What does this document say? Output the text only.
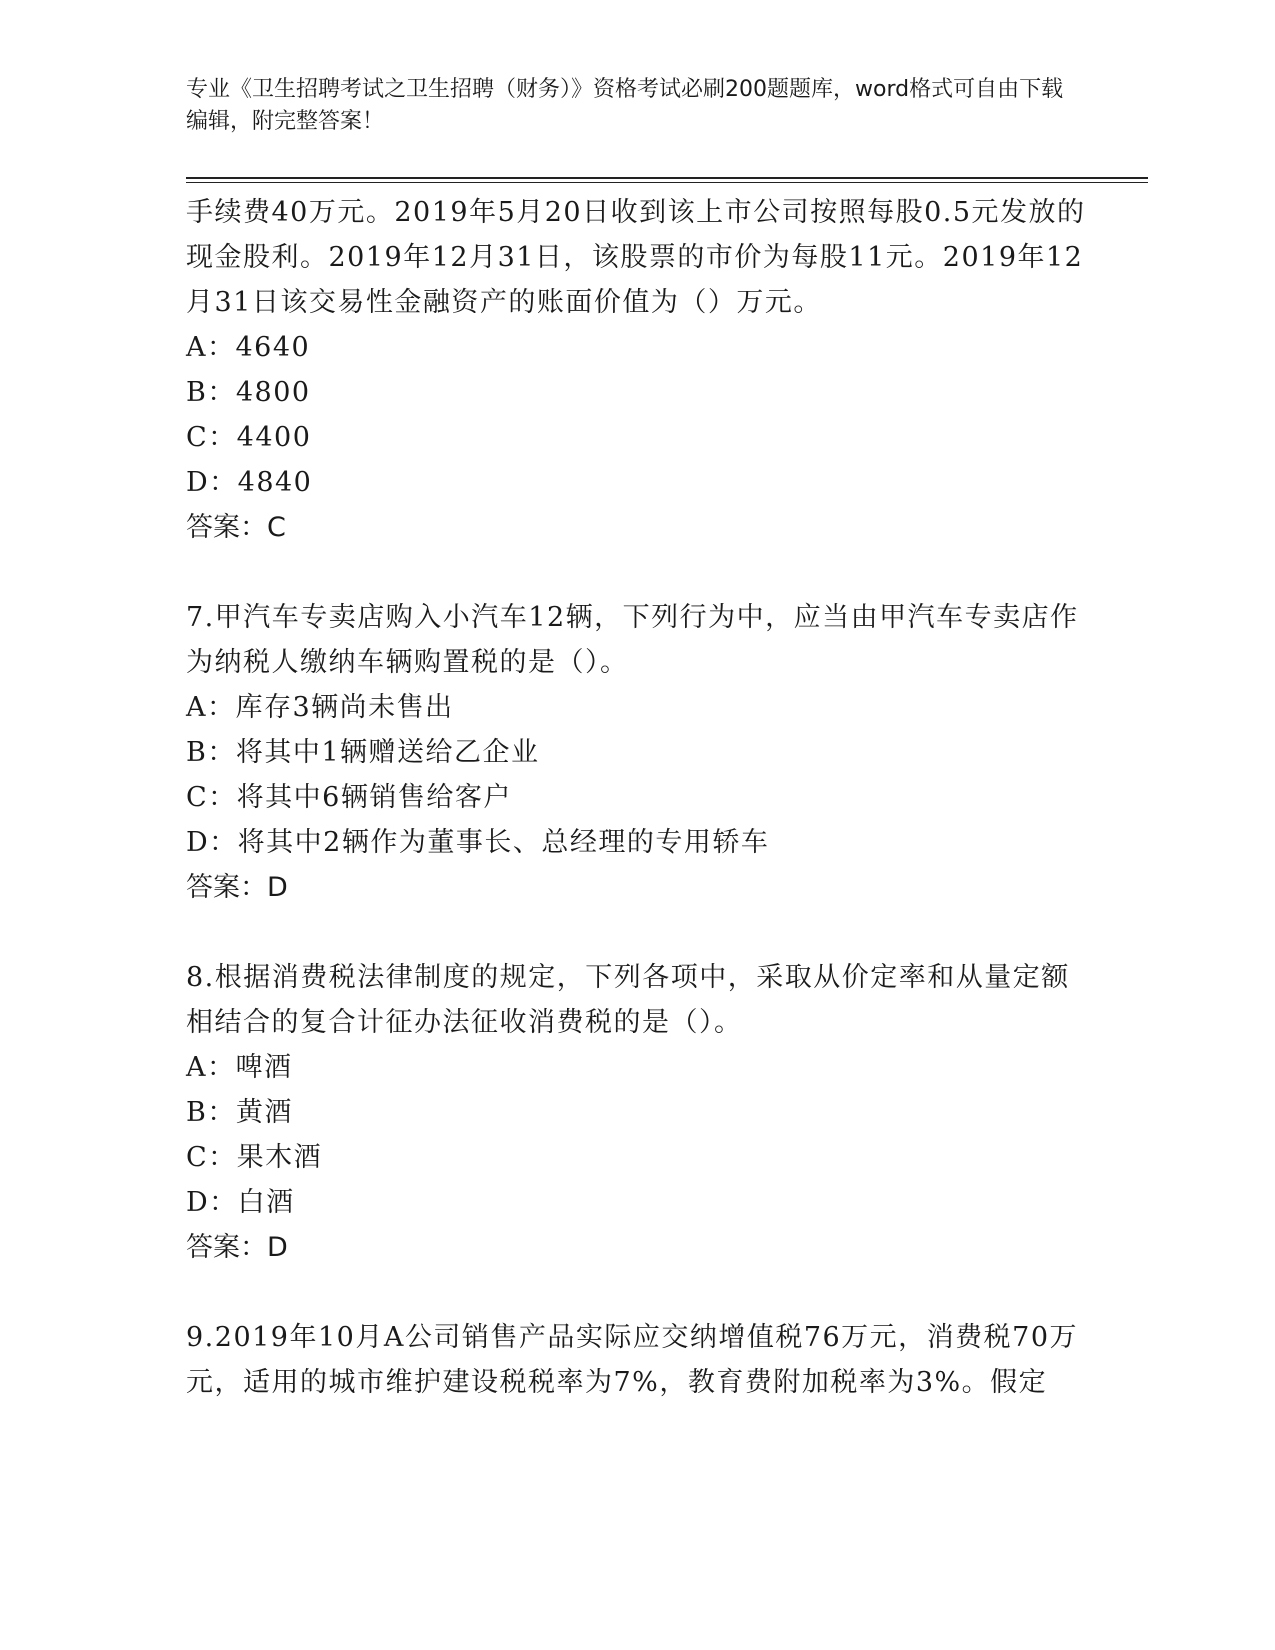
专业《卫生招聘考试之卫生招聘（财务）》资格考试必刷200题题库，word格式可自由下载编辑，附完整答案！

手续费40万元。2019年5月20日收到该上市公司按照每股0.5元发放的现金股利。2019年12月31日，该股票的市价为每股11元。2019年12月31日该交易性金融资产的账面价值为（）万元。

A：4640

B：4800

C：4400

D：4840

答案：C

7.甲汽车专卖店购入小汽车12辆，下列行为中，应当由甲汽车专卖店作为纳税人缴纳车辆购置税的是（）。

A：库存3辆尚未售出

B：将其中1辆赠送给乙企业

C：将其中6辆销售给客户

D：将其中2辆作为董事长、总经理的专用轿车

答案：D

8.根据消费税法律制度的规定，下列各项中，采取从价定率和从量定额相结合的复合计征办法征收消费税的是（）。

A：啤酒

B：黄酒

C：果木酒

D：白酒

答案：D

9.2019年10月A公司销售产品实际应交纳增值税76万元，消费税70万元，适用的城市维护建设税税率为7%，教育费附加税率为3%。假定
